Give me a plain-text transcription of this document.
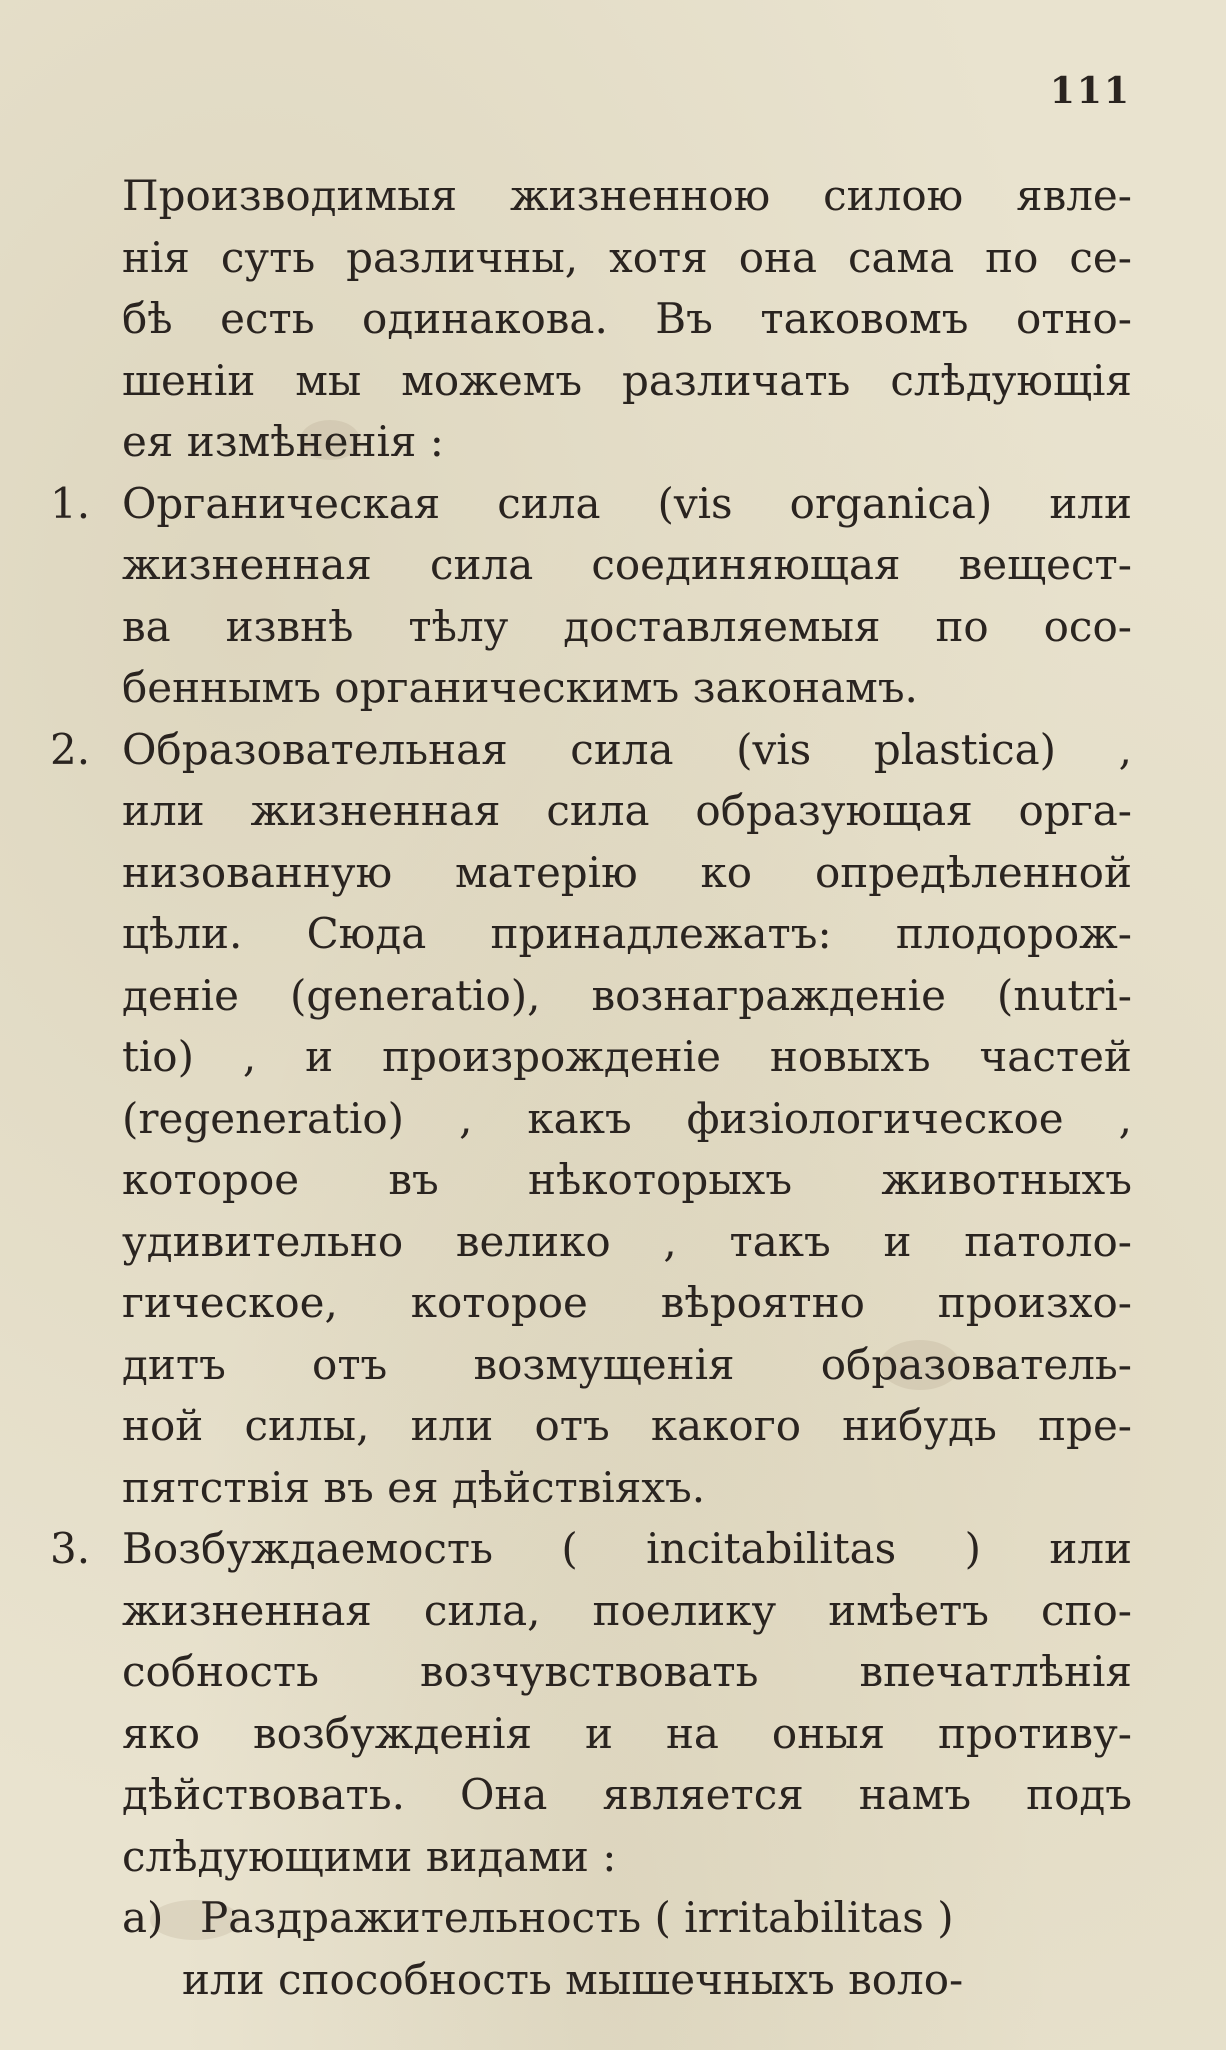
111
Производимыя жизненною силою явле-
нія суть различны, хотя она сама по се-
бѣ есть одинакова. Въ таковомъ отно-
шеніи мы можемъ различать слѣдующія
ея измѣненія :
1. Органическая сила (vis organica) или
жизненная сила соединяющая вещест-
ва извнѣ тѣлу доставляемыя по осо-
беннымъ органическимъ законамъ.
2. Образовательная сила (vis plastica) ,
или жизненная сила образующая орга-
низованную матерію ко опредѣленной
цѣли. Сюда принадлежатъ: плодорож-
деніе (generatio), вознагражденіе (nutri-
tio) , и произрожденіе новыхъ частей
(regeneratio) , какъ физіологическое ,
которое въ нѣкоторыхъ животныхъ
удивительно велико , такъ и патоло-
гическое, которое вѣроятно произхо-
дитъ отъ возмущенія образователь-
ной силы, или отъ какого нибудь пре-
пятствія въ ея дѣйствіяхъ.
3. Возбуждаемость ( incitabilitas ) или
жизненная сила, поелику имѣетъ спо-
собность возчувствовать впечатлѣнія
яко возбужденія и на оныя противу-
дѣйствовать. Она является намъ подъ
слѣдующими видами :
a) Раздражительность ( irritabilitas )
или способность мышечныхъ воло-
